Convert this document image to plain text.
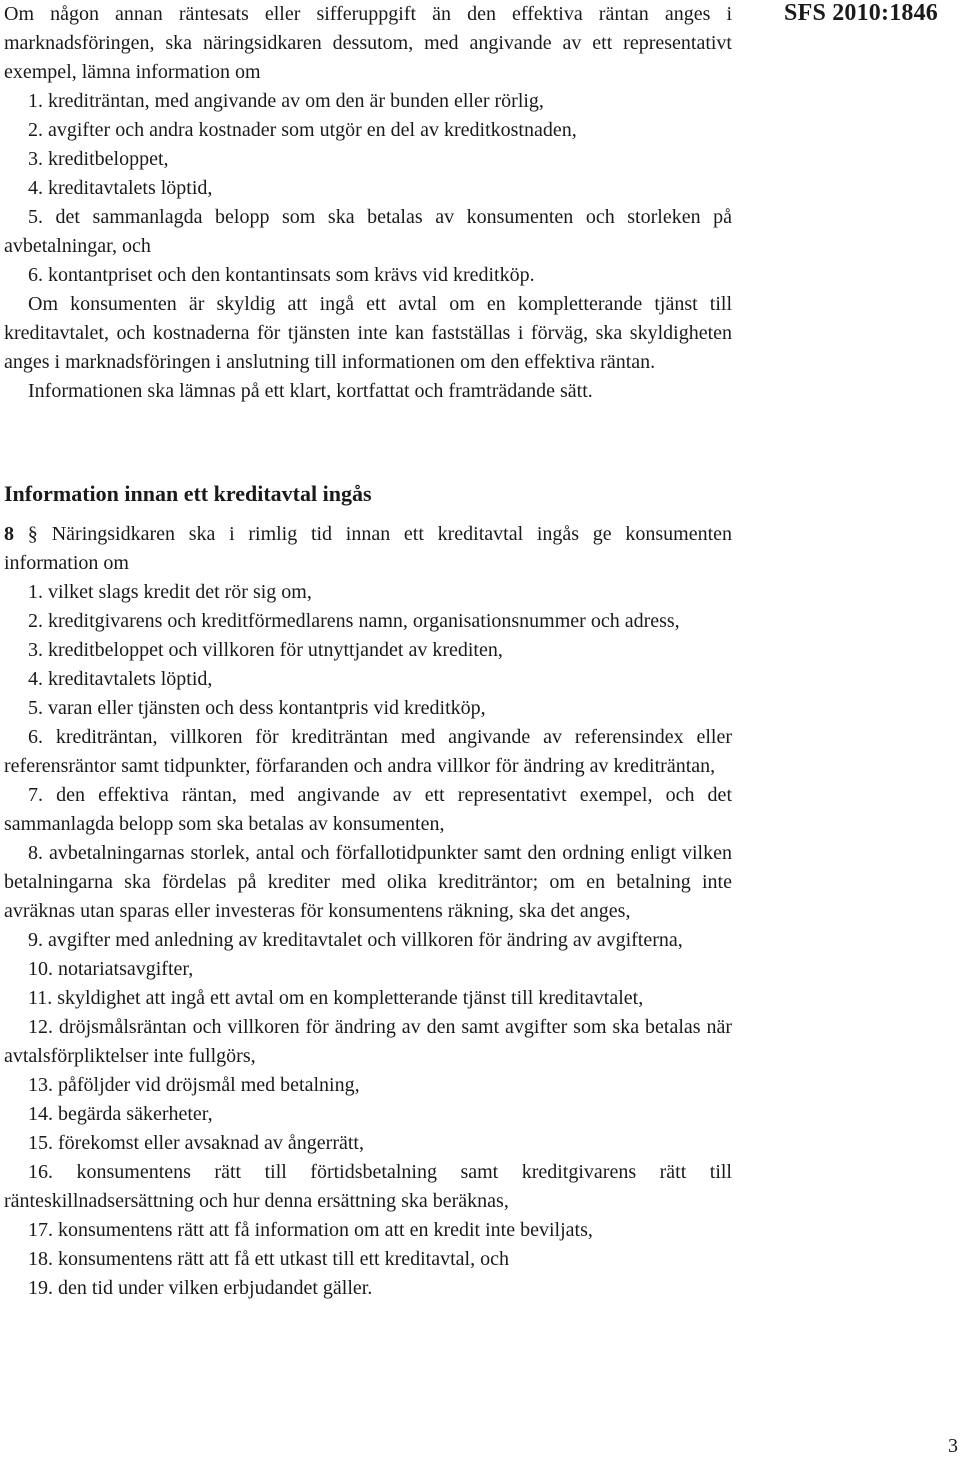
SFS 2010:1846

Om någon annan räntesats eller sifferuppgift än den effektiva räntan anges i marknadsföringen, ska näringsidkaren dessutom, med angivande av ett representativt exempel, lämna information om

1. krediträntan, med angivande av om den är bunden eller rörlig,

2. avgifter och andra kostnader som utgör en del av kreditkostnaden,

3. kreditbeloppet,

4. kreditavtalets löptid,

5. det sammanlagda belopp som ska betalas av konsumenten och storleken på avbetalningar, och

6. kontantpriset och den kontantinsats som krävs vid kreditköp.

Om konsumenten är skyldig att ingå ett avtal om en kompletterande tjänst till kreditavtalet, och kostnaderna för tjänsten inte kan fastställas i förväg, ska skyldigheten anges i marknadsföringen i anslutning till informationen om den effektiva räntan.

Informationen ska lämnas på ett klart, kortfattat och framträdande sätt.

Information innan ett kreditavtal ingås

8 § Näringsidkaren ska i rimlig tid innan ett kreditavtal ingås ge konsumenten information om

1. vilket slags kredit det rör sig om,

2. kreditgivarens och kreditförmedlarens namn, organisationsnummer och adress,

3. kreditbeloppet och villkoren för utnyttjandet av krediten,

4. kreditavtalets löptid,

5. varan eller tjänsten och dess kontantpris vid kreditköp,

6. krediträntan, villkoren för krediträntan med angivande av referensindex eller referensräntor samt tidpunkter, förfaranden och andra villkor för ändring av krediträntan,

7. den effektiva räntan, med angivande av ett representativt exempel, och det sammanlagda belopp som ska betalas av konsumenten,

8. avbetalningarnas storlek, antal och förfallotidpunkter samt den ordning enligt vilken betalningarna ska fördelas på krediter med olika krediträntor; om en betalning inte avräknas utan sparas eller investeras för konsumentens räkning, ska det anges,

9. avgifter med anledning av kreditavtalet och villkoren för ändring av avgifterna,

10. notariatsavgifter,

11. skyldighet att ingå ett avtal om en kompletterande tjänst till kreditavtalet,

12. dröjsmålsräntan och villkoren för ändring av den samt avgifter som ska betalas när avtalsförpliktelser inte fullgörs,

13. påföljder vid dröjsmål med betalning,

14. begärda säkerheter,

15. förekomst eller avsaknad av ångerrätt,

16. konsumentens rätt till förtidsbetalning samt kreditgivarens rätt till ränteskillnadsersättning och hur denna ersättning ska beräknas,

17. konsumentens rätt att få information om att en kredit inte beviljats,

18. konsumentens rätt att få ett utkast till ett kreditavtal, och

19. den tid under vilken erbjudandet gäller.

3
